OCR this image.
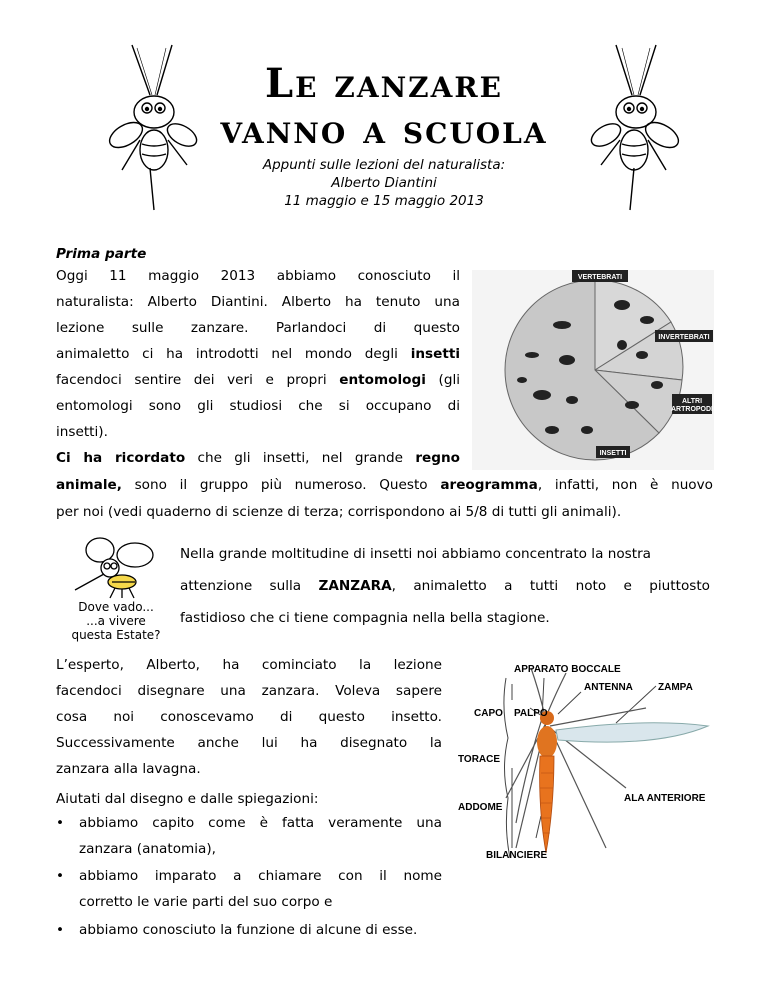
Le zanzare
vanno a scuola
Appunti sulle lezioni del naturalista:
Alberto Diantini
11 maggio e 15 maggio 2013
Prima parte
Oggi 11 maggio 2013 abbiamo conosciuto il
naturalista: Alberto Diantini. Alberto ha tenuto una
lezione sulle zanzare. Parlandoci di questo
animaletto ci ha introdotti nel mondo degli insetti
facendoci sentire dei veri e propri entomologi (gli
entomologi sono gli studiosi che si occupano di
insetti).
Ci ha ricordato che gli insetti, nel grande regno
animale, sono il gruppo più numeroso. Questo areogramma, infatti, non è nuovo
per noi (vedi quaderno di scienze di terza; corrispondono ai 5/8 di tutti gli animali).
VERTEBRATI
INVERTEBRATI
ALTRI
ARTROPODI
INSETTI
Dove vado...
...a vivere
questa Estate?
Nella grande moltitudine di insetti noi abbiamo concentrato la nostra
attenzione sulla ZANZARA, animaletto a tutti noto e piuttosto
fastidioso che ci tiene compagnia nella bella stagione.
L’esperto, Alberto, ha cominciato la lezione
facendoci disegnare una zanzara. Voleva sapere
cosa noi conoscevamo di questo insetto.
Successivamente anche lui ha disegnato la
zanzara alla lavagna.
Aiutati dal disegno e dalle spiegazioni:
• abbiamo capito come è fatta veramente una
zanzara (anatomia),
• abbiamo imparato a chiamare con il nome
corretto le varie parti del suo corpo e
• abbiamo conosciuto la funzione di alcune di esse.
APPARATO BOCCALE
ANTENNA	ZAMPA
CAPO PALPO
TORACE
ADDOME
ALA ANTERIORE
BILANCIERE
